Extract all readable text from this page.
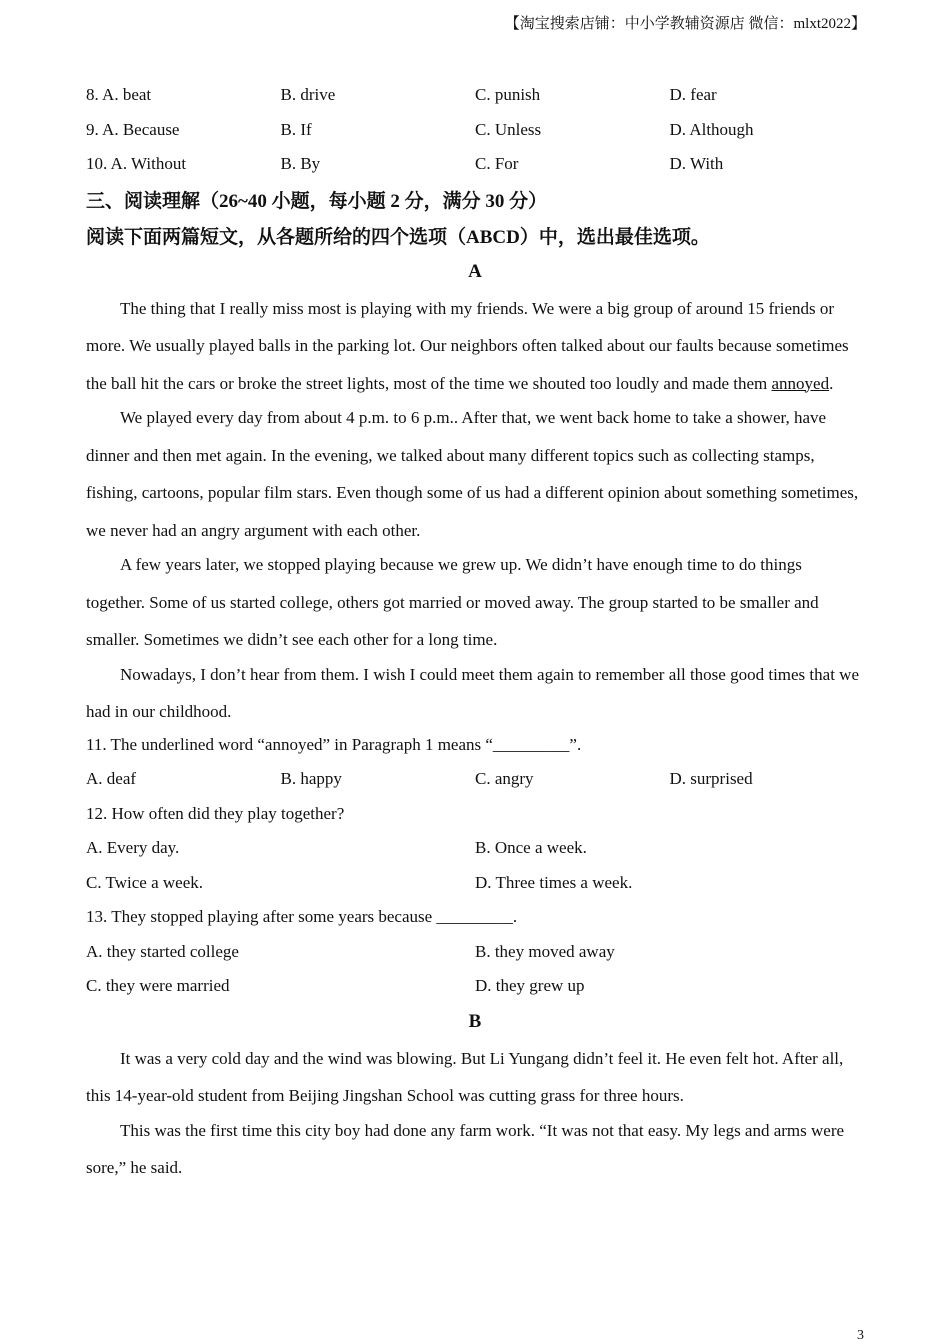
【淘宝搜索店铺：中小学教辅资源店 微信：mlxt2022】
8. A. beat	B. drive	C. punish	D. fear
9. A. Because	B. If	C. Unless	D. Although
10. A. Without	B. By	C. For	D. With
三、阅读理解（26~40 小题，每小题 2 分，满分 30 分）
阅读下面两篇短文，从各题所给的四个选项（ABCD）中，选出最佳选项。
A

The thing that I really miss most is playing with my friends. We were a big group of around 15 friends or more. We usually played balls in the parking lot. Our neighbors often talked about our faults because sometimes the ball hit the cars or broke the street lights, most of the time we shouted too loudly and made them annoyed.

We played every day from about 4 p.m. to 6 p.m.. After that, we went back home to take a shower, have dinner and then met again. In the evening, we talked about many different topics such as collecting stamps, fishing, cartoons, popular film stars. Even though some of us had a different opinion about something sometimes, we never had an angry argument with each other.

A few years later, we stopped playing because we grew up. We didn’t have enough time to do things together. Some of us started college, others got married or moved away. The group started to be smaller and smaller. Sometimes we didn’t see each other for a long time.

Nowadays, I don’t hear from them. I wish I could meet them again to remember all those good times that we had in our childhood.

11. The underlined word “annoyed” in Paragraph 1 means “_________”.
A. deaf	B. happy	C. angry	D. surprised
12. How often did they play together?
A. Every day.	B. Once a week.
C. Twice a week.	D. Three times a week.
13. They stopped playing after some years because _________.
A. they started college	B. they moved away
C. they were married	D. they grew up
B

It was a very cold day and the wind was blowing. But Li Yungang didn’t feel it. He even felt hot. After all, this 14-year-old student from Beijing Jingshan School was cutting grass for three hours.

This was the first time this city boy had done any farm work. “It was not that easy. My legs and arms were sore,” he said.

3
